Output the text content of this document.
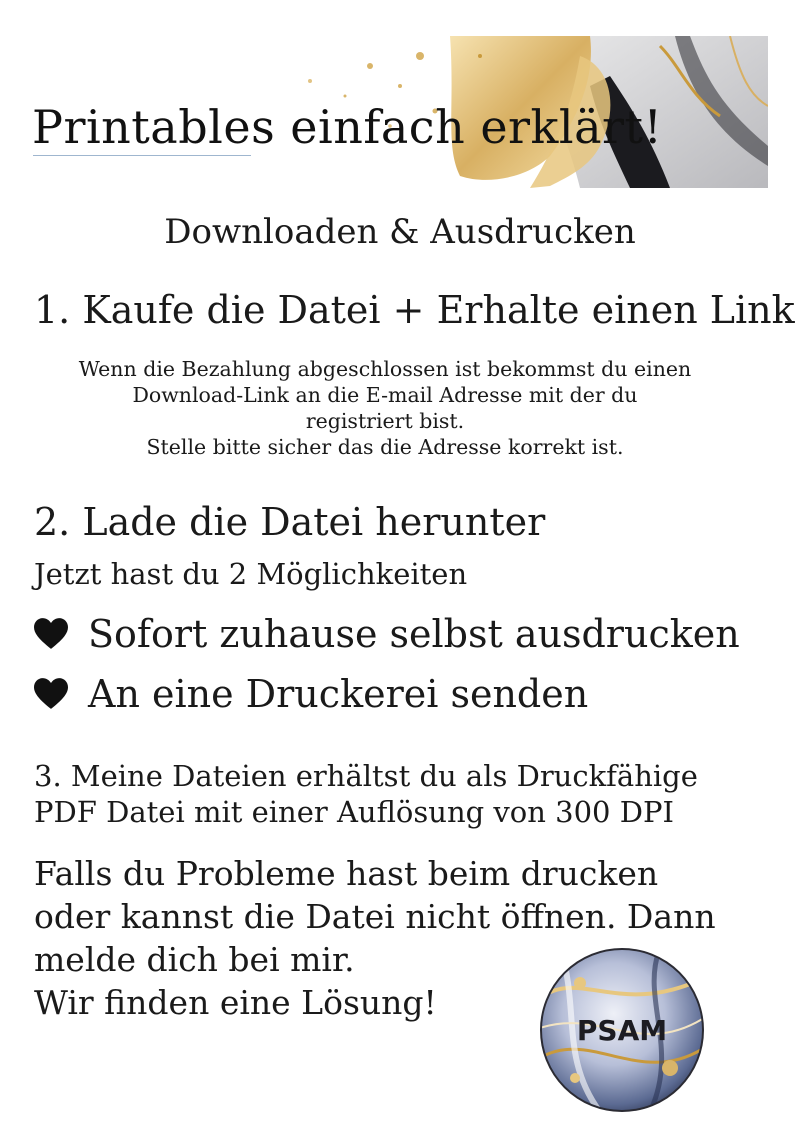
Printables einfach erklärt!
Downloaden & Ausdrucken
1. Kaufe die Datei + Erhalte einen Link

Wenn die Bezahlung abgeschlossen ist bekommst du einen
Download-Link an die E-mail Adresse mit der du
registriert bist.
Stelle bitte sicher das die Adresse korrekt ist.

2. Lade die Datei herunter

Jetzt hast du 2 Möglichkeiten

Sofort zuhause selbst ausdrucken
An eine Druckerei senden

3. Meine Dateien erhältst du als Druckfähige
PDF Datei mit einer Auflösung von 300 DPI

Falls du Probleme hast beim drucken
oder kannst die Datei nicht öffnen. Dann
melde dich bei mir.
Wir finden eine Lösung!

PSAM
